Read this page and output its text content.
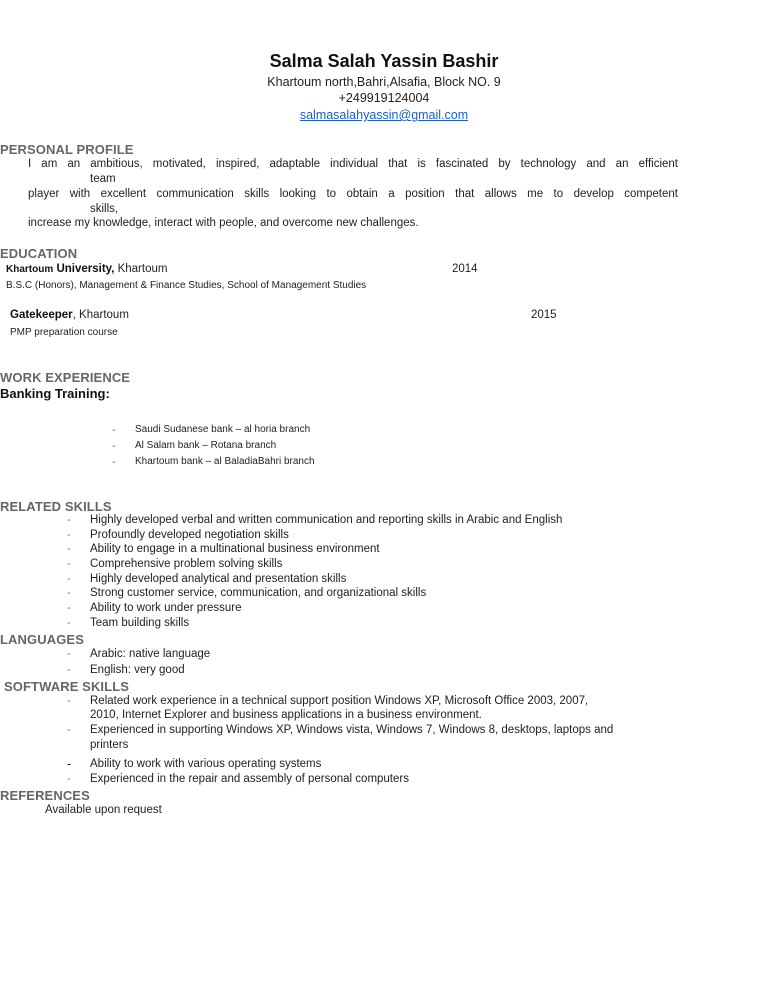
Salma Salah Yassin Bashir
Khartoum north,Bahri,Alsafia, Block NO. 9
+249919124004
salmasalahyassin@gmail.com
PERSONAL PROFILE
I am an ambitious, motivated, inspired, adaptable individual that is fascinated by technology and an efficient
team
player with excellent communication skills looking to obtain a position that allows me to develop competent
skills,
increase my knowledge, interact with people, and overcome new challenges.
EDUCATION
Khartoum University, Khartoum	2014
B.S.C (Honors), Management & Finance Studies, School of Management Studies
Gatekeeper, Khartoum	2015
PMP preparation course
WORK EXPERIENCE
Banking Training:
- Saudi Sudanese bank – al horia branch
- Al Salam bank – Rotana branch
- Khartoum bank – al BaladiaBahri branch
RELATED SKILLS
- Highly developed verbal and written communication and reporting skills in Arabic and English
- Profoundly developed negotiation skills
- Ability to engage in a multinational business environment
- Comprehensive problem solving skills
- Highly developed analytical and presentation skills
- Strong customer service, communication, and organizational skills
- Ability to work under pressure
- Team building skills
LANGUAGES
- Arabic: native language
- English: very good
SOFTWARE SKILLS
- Related work experience in a technical support position Windows XP, Microsoft Office 2003, 2007,
2010, Internet Explorer and business applications in a business environment.
- Experienced in supporting Windows XP, Windows vista, Windows 7, Windows 8, desktops, laptops and
printers
- Ability to work with various operating systems
- Experienced in the repair and assembly of personal computers
REFERENCES
Available upon request
